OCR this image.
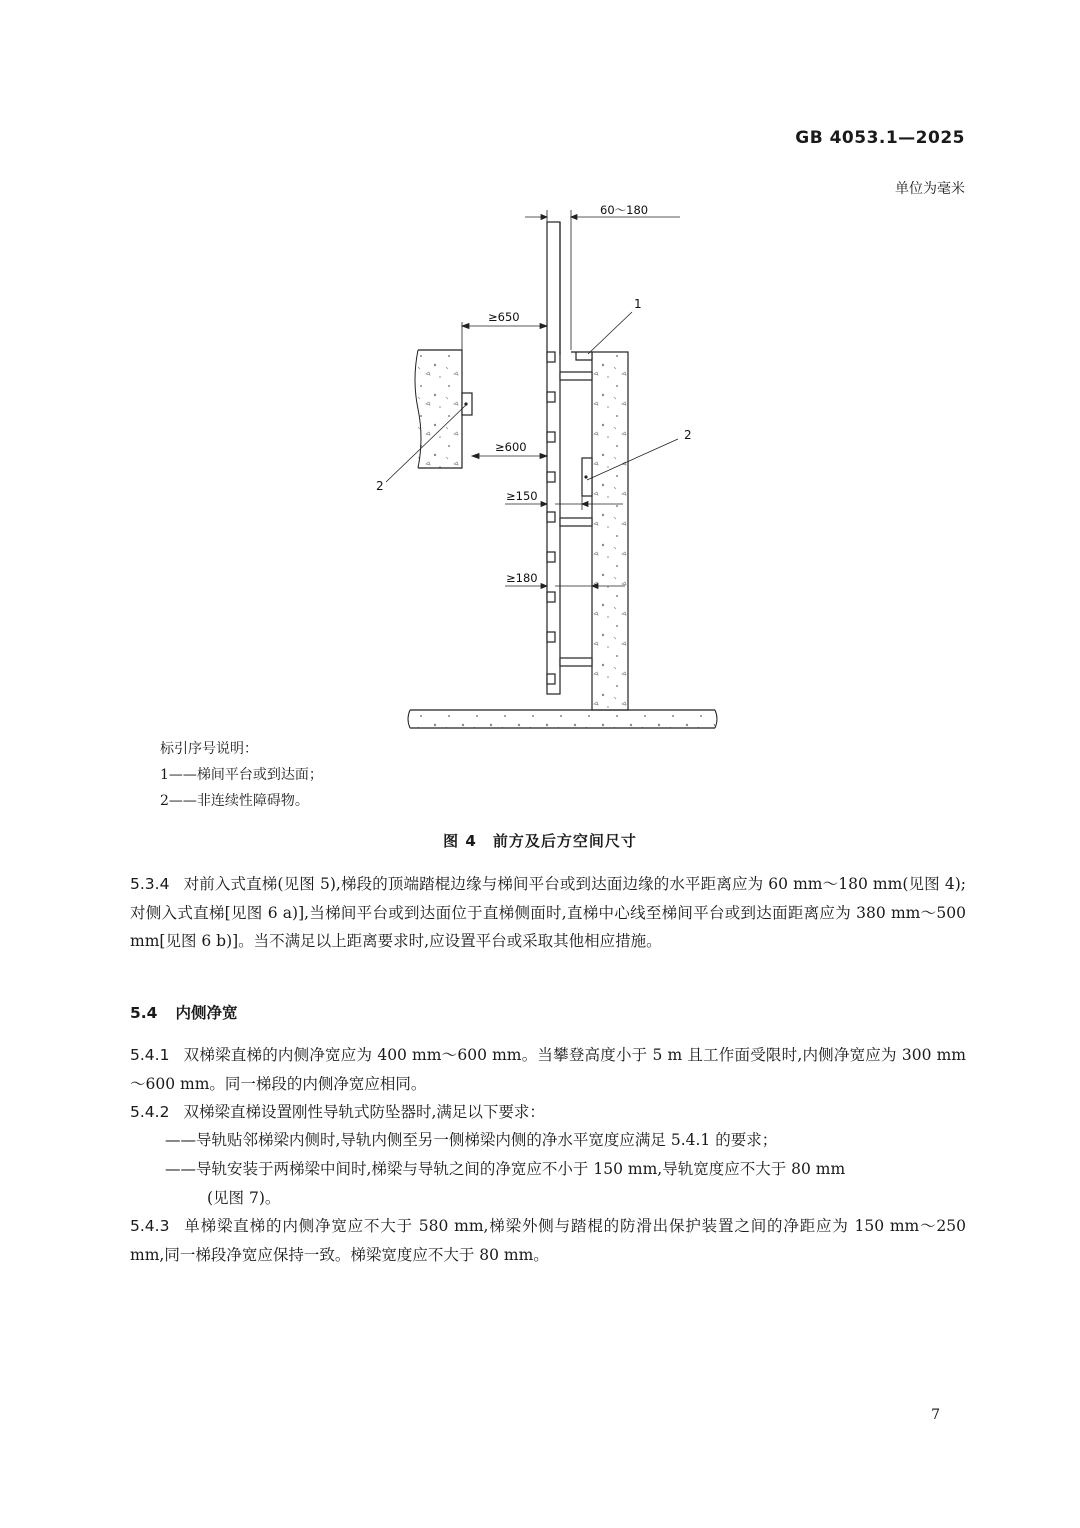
GB 4053.1—2025
单位为毫米
60～180
≥650
≥600
≥150
≥180
1
2
2
标引序号说明：
1——梯间平台或到达面；
2——非连续性障碍物。
图 4　前方及后方空间尺寸
5.3.4 对前入式直梯(见图 5),梯段的顶端踏棍边缘与梯间平台或到达面边缘的水平距离应为 60 mm～180 mm(见图 4);对侧入式直梯[见图 6 a)],当梯间平台或到达面位于直梯侧面时,直梯中心线至梯间平台或到达面距离应为 380 mm～500 mm[见图 6 b)]。当不满足以上距离要求时,应设置平台或采取其他相应措施。
5.4 内侧净宽
5.4.1 双梯梁直梯的内侧净宽应为 400 mm～600 mm。当攀登高度小于 5 m 且工作面受限时,内侧净宽应为 300 mm～600 mm。同一梯段的内侧净宽应相同。
5.4.2 双梯梁直梯设置刚性导轨式防坠器时,满足以下要求：
——导轨贴邻梯梁内侧时,导轨内侧至另一侧梯梁内侧的净水平宽度应满足 5.4.1 的要求；
——导轨安装于两梯梁中间时,梯梁与导轨之间的净宽应不小于 150 mm,导轨宽度应不大于 80 mm
(见图 7)。
5.4.3 单梯梁直梯的内侧净宽应不大于 580 mm,梯梁外侧与踏棍的防滑出保护装置之间的净距应为 150 mm～250 mm,同一梯段净宽应保持一致。梯梁宽度应不大于 80 mm。
7
